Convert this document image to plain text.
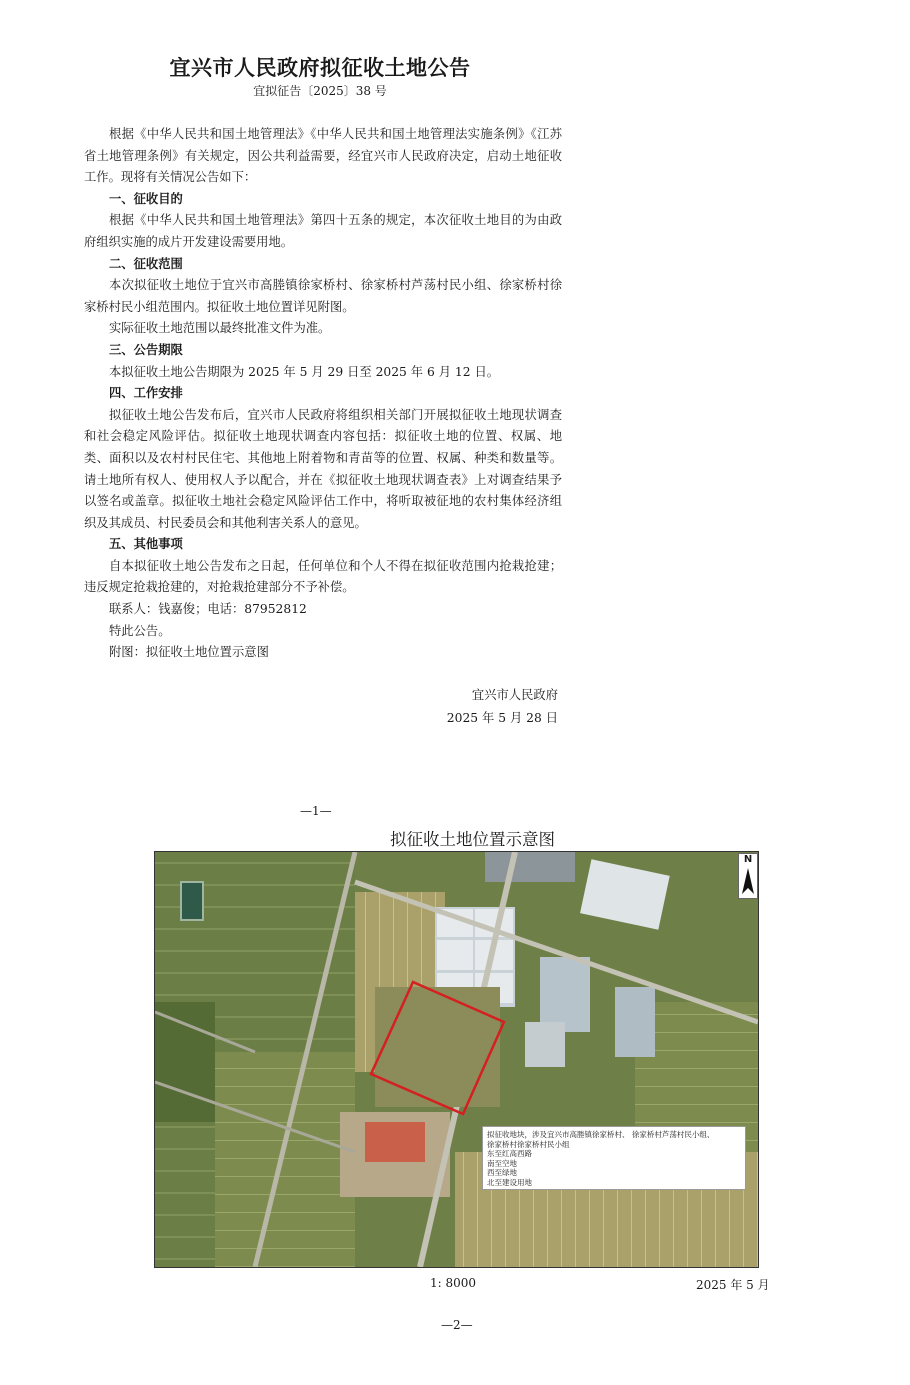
宜兴市人民政府拟征收土地公告
宜拟征告〔2025〕38 号

根据《中华人民共和国土地管理法》《中华人民共和国土地管理法实施条例》《江苏省土地管理条例》有关规定，因公共利益需要，经宜兴市人民政府决定，启动土地征收工作。现将有关情况公告如下：

一、征收目的

根据《中华人民共和国土地管理法》第四十五条的规定，本次征收土地目的为由政府组织实施的成片开发建设需要用地。

二、征收范围

本次拟征收土地位于宜兴市高塍镇徐家桥村、徐家桥村芦荡村民小组、徐家桥村徐家桥村民小组范围内。拟征收土地位置详见附图。

实际征收土地范围以最终批准文件为准。

三、公告期限

本拟征收土地公告期限为 2025 年 5 月 29 日至 2025 年 6 月 12 日。

四、工作安排

拟征收土地公告发布后，宜兴市人民政府将组织相关部门开展拟征收土地现状调查和社会稳定风险评估。拟征收土地现状调查内容包括：拟征收土地的位置、权属、地类、面积以及农村村民住宅、其他地上附着物和青苗等的位置、权属、种类和数量等。请土地所有权人、使用权人予以配合，并在《拟征收土地现状调查表》上对调查结果予以签名或盖章。拟征收土地社会稳定风险评估工作中，将听取被征地的农村集体经济组织及其成员、村民委员会和其他利害关系人的意见。

五、其他事项

自本拟征收土地公告发布之日起，任何单位和个人不得在拟征收范围内抢栽抢建；违反规定抢栽抢建的，对抢栽抢建部分不予补偿。

联系人：钱嘉俊；电话：87952812

特此公告。

附图：拟征收土地位置示意图

宜兴市人民政府
2025 年 5 月 28 日
—1—
拟征收土地位置示意图
N
拟征收地块，涉及宜兴市高塍镇徐家桥村、 徐家桥村芦荡村民小组、
徐家桥村徐家桥村民小组
东至红高西路
南至空地
西至绿地
北至建设用地
1: 8000	2025 年 5 月
—2—
